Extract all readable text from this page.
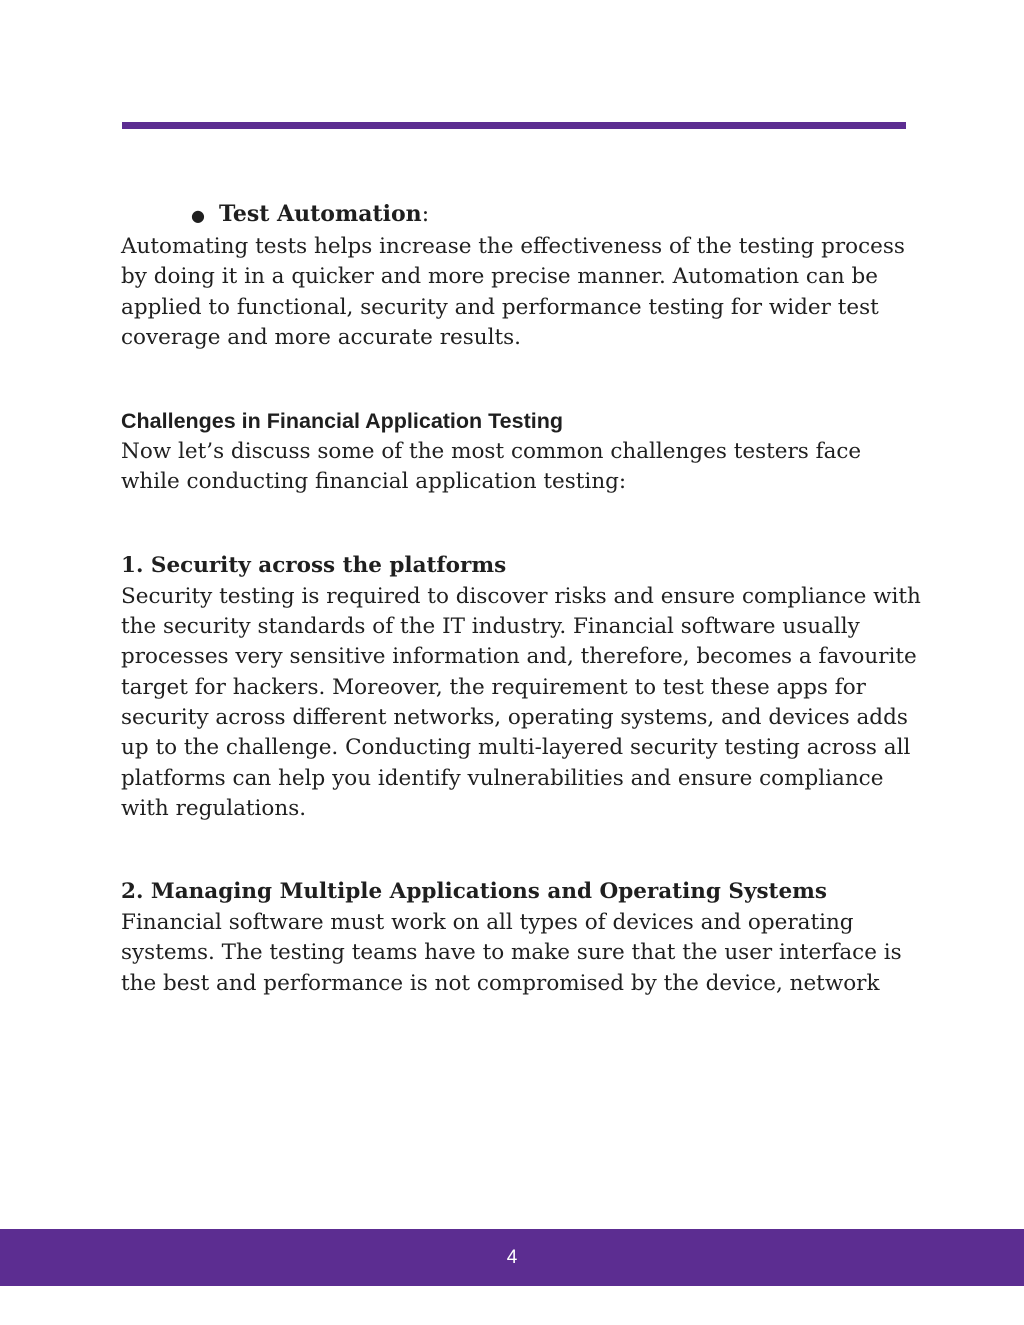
● Test Automation:

Automating tests helps increase the effectiveness of the testing process by doing it in a quicker and more precise manner. Automation can be applied to functional, security and performance testing for wider test coverage and more accurate results.

Challenges in Financial Application Testing

Now let’s discuss some of the most common challenges testers face while conducting financial application testing:

1. Security across the platforms

Security testing is required to discover risks and ensure compliance with the security standards of the IT industry. Financial software usually processes very sensitive information and, therefore, becomes a favourite target for hackers. Moreover, the requirement to test these apps for security across different networks, operating systems, and devices adds up to the challenge. Conducting multi-layered security testing across all platforms can help you identify vulnerabilities and ensure compliance with regulations.

2. Managing Multiple Applications and Operating Systems

Financial software must work on all types of devices and operating systems. The testing teams have to make sure that the user interface is the best and performance is not compromised by the device, network

4
